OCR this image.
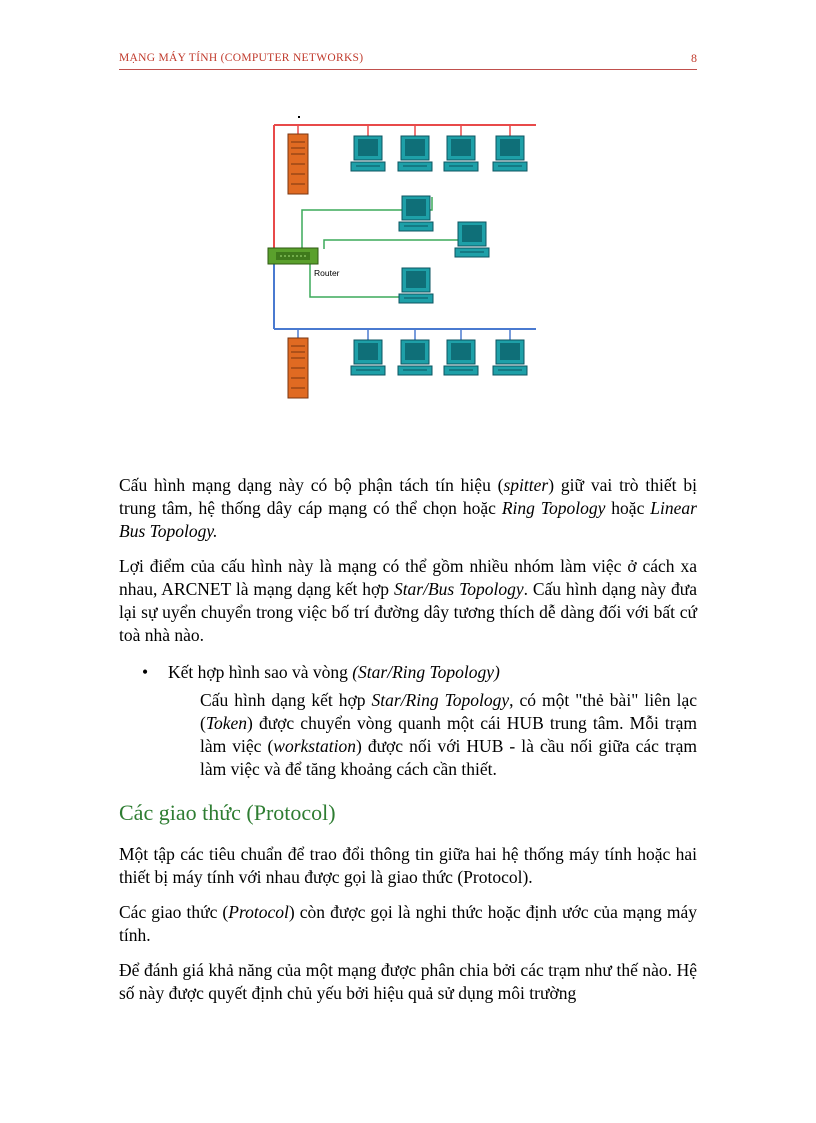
MẠNG MÁY TÍNH (COMPUTER NETWORKS)	8
Router

Cấu hình mạng dạng này có bộ phận tách tín hiệu (spitter) giữ vai trò thiết bị trung tâm, hệ thống dây cáp mạng có thể chọn hoặc Ring Topology hoặc Linear Bus Topology.

Lợi điểm của cấu hình này là mạng có thể gồm nhiều nhóm làm việc ở cách xa nhau, ARCNET là mạng dạng kết hợp Star/Bus Topology. Cấu hình dạng này đưa lại sự uyển chuyển trong việc bố trí đường dây tương thích dễ dàng đối với bất cứ toà nhà nào.

• Kết hợp hình sao và vòng (Star/Ring Topology)

Cấu hình dạng kết hợp Star/Ring Topology, có một "thẻ bài" liên lạc (Token) được chuyển vòng quanh một cái HUB trung tâm. Mỗi trạm làm việc (workstation) được nối với HUB - là cầu nối giữa các trạm làm việc và để tăng khoảng cách cần thiết.

Các giao thức (Protocol)

Một tập các tiêu chuẩn để trao đổi thông tin giữa hai hệ thống máy tính hoặc hai thiết bị máy tính với nhau được gọi là giao thức (Protocol).

Các giao thức (Protocol) còn được gọi là nghi thức hoặc định ước của mạng máy tính.

Để đánh giá khả năng của một mạng được phân chia bởi các trạm như thế nào. Hệ số này được quyết định chủ yếu bởi hiệu quả sử dụng môi trường
